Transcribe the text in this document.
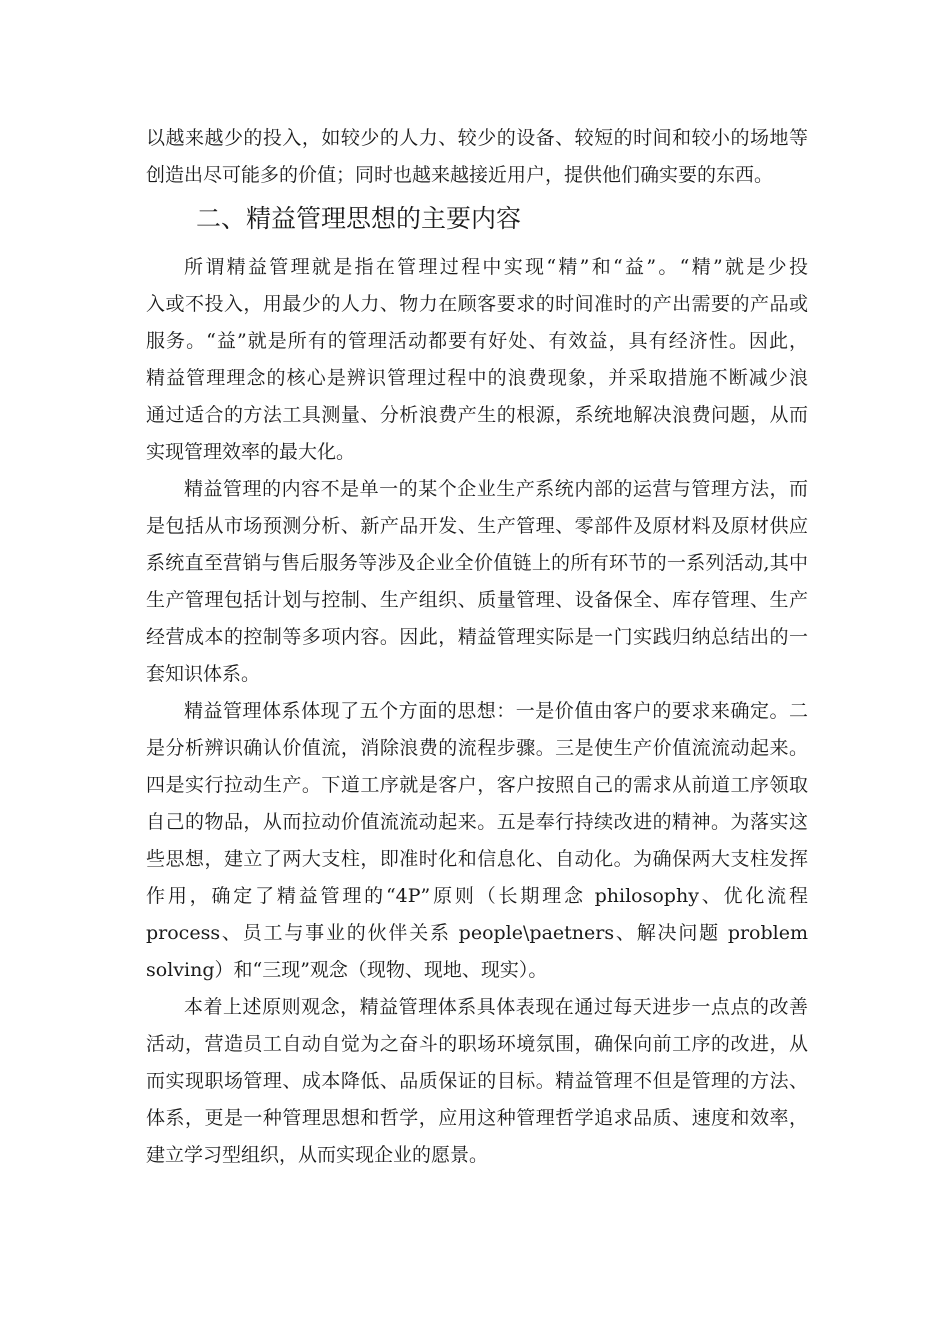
以越来越少的投入，如较少的人力、较少的设备、较短的时间和较小的场地等
创造出尽可能多的价值；同时也越来越接近用户，提供他们确实要的东西。
二、精益管理思想的主要内容
所谓精益管理就是指在管理过程中实现“精”和“益”。“精”就是少投
入或不投入，用最少的人力、物力在顾客要求的时间准时的产出需要的产品或
服务。“益”就是所有的管理活动都要有好处、有效益，具有经济性。因此，
精益管理理念的核心是辨识管理过程中的浪费现象，并采取措施不断减少浪
通过适合的方法工具测量、分析浪费产生的根源，系统地解决浪费问题，从而
实现管理效率的最大化。
精益管理的内容不是单一的某个企业生产系统内部的运营与管理方法，而
是包括从市场预测分析、新产品开发、生产管理、零部件及原材料及原材供应
系统直至营销与售后服务等涉及企业全价值链上的所有环节的一系列活动,其中
生产管理包括计划与控制、生产组织、质量管理、设备保全、库存管理、生产
经营成本的控制等多项内容。因此，精益管理实际是一门实践归纳总结出的一
套知识体系。
精益管理体系体现了五个方面的思想：一是价值由客户的要求来确定。二
是分析辨识确认价值流，消除浪费的流程步骤。三是使生产价值流流动起来。
四是实行拉动生产。下道工序就是客户，客户按照自己的需求从前道工序领取
自己的物品，从而拉动价值流流动起来。五是奉行持续改进的精神。为落实这
些思想，建立了两大支柱，即准时化和信息化、自动化。为确保两大支柱发挥
作用，确定了精益管理的“4P”原则（长期理念 philosophy、优化流程
process、员工与事业的伙伴关系 people\paetners、解决问题 problem
solving）和“三现”观念（现物、现地、现实）。
本着上述原则观念，精益管理体系具体表现在通过每天进步一点点的改善
活动，营造员工自动自觉为之奋斗的职场环境氛围，确保向前工序的改进，从
而实现职场管理、成本降低、品质保证的目标。精益管理不但是管理的方法、
体系，更是一种管理思想和哲学，应用这种管理哲学追求品质、速度和效率，
建立学习型组织，从而实现企业的愿景。
